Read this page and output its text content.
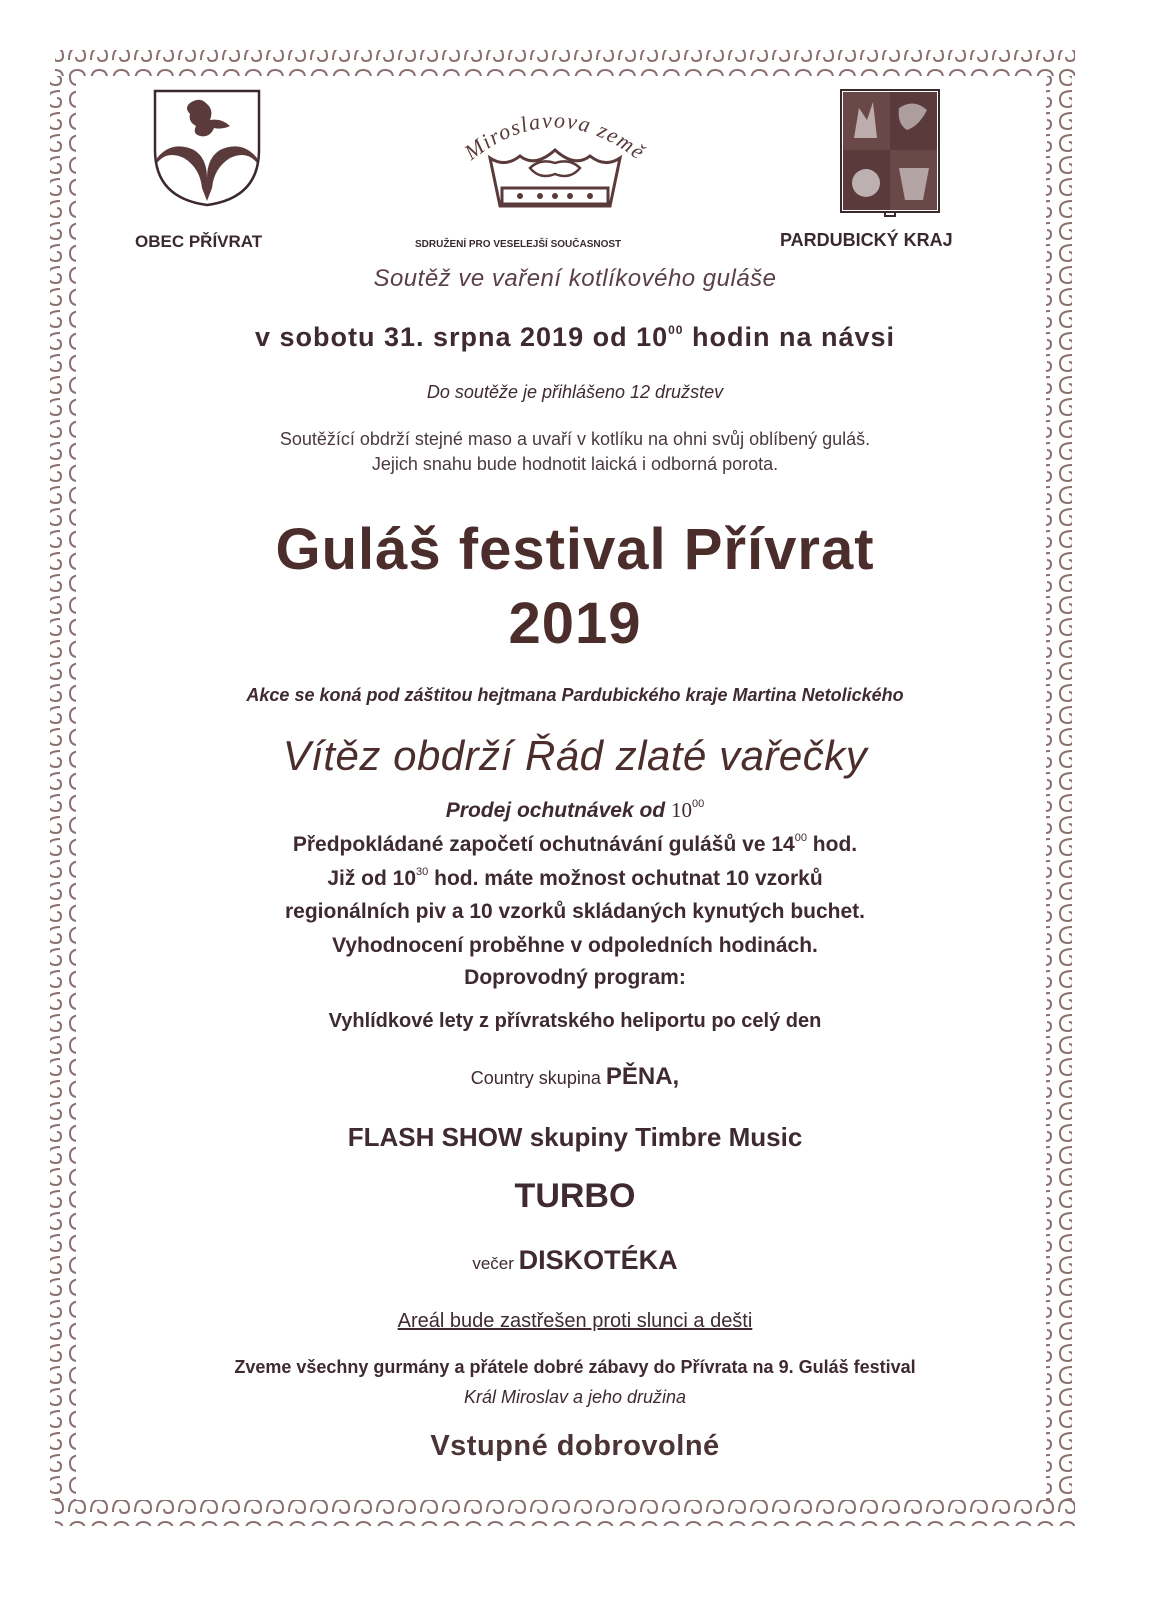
OBEC PŘÍVRAT
Miroslavova země
SDRUŽENÍ PRO VESELEJŠÍ SOUČASNOST	PARDUBICKÝ KRAJ
Soutěž ve vaření kotlíkového guláše
v sobotu 31. srpna 2019 od $10^{00}$ hodin na návsi
Do soutěže je přihlášeno 12 družstev
Soutěžící obdrží stejné maso a uvaří v kotlíku na ohni svůj oblíbený guláš.
Jejich snahu bude hodnotit laická i odborná porota.
Guláš festival Přívrat
2019
Akce se koná pod záštitou hejtmana Pardubického kraje Martina Netolického
Vítěz obdrží Řád zlaté vařečky
Prodej ochutnávek od $10^{00}$
Předpokládané započetí ochutnávání gulášů ve $14^{00}$ hod.
Již od $10^{30}$ hod. máte možnost ochutnat 10 vzorků
regionálních piv a 10 vzorků skládaných kynutých buchet.
Vyhodnocení proběhne v odpoledních hodinách.
Doprovodný program:
Vyhlídkové lety z přívratského heliportu po celý den
Country skupina PĚNA,
FLASH SHOW skupiny Timbre Music
TURBO
večer DISKOTÉKA
Areál bude zastřešen proti slunci a dešti
Zveme všechny gurmány a přátele dobré zábavy do Přívrata na 9. Guláš festival
Král Miroslav a jeho družina
Vstupné dobrovolné
